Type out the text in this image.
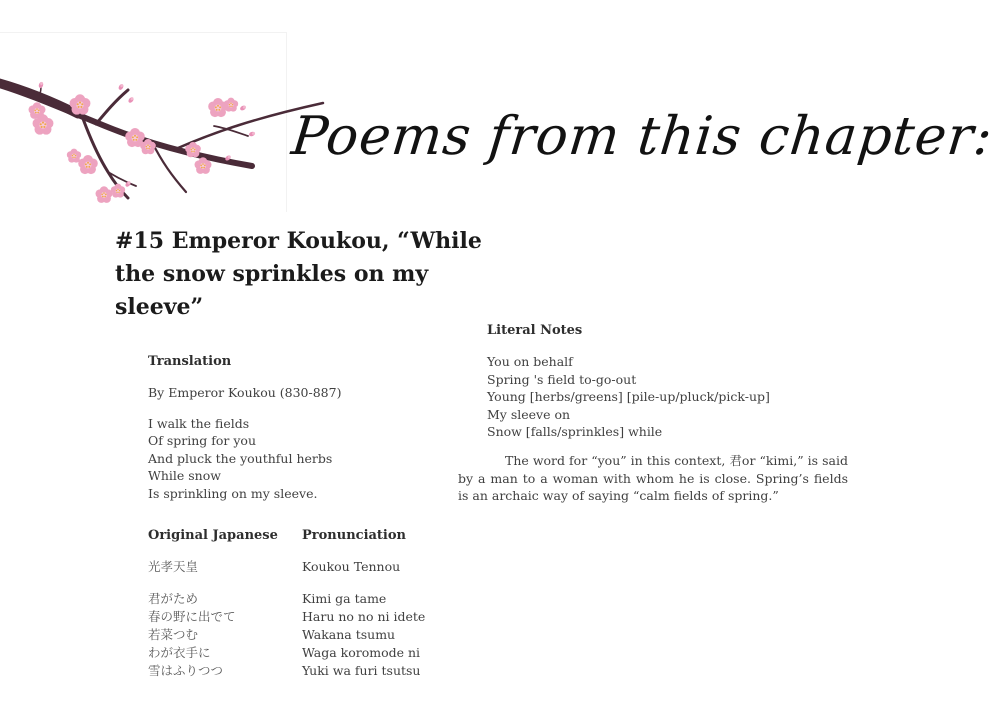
Poems from this chapter:
#15 Emperor Koukou, “While the snow sprinkles on my sleeve”
Translation
By Emperor Koukou (830-887)
I walk the fields
Of spring for you
And pluck the youthful herbs
While snow
Is sprinkling on my sleeve.
Literal Notes
You on behalf
Spring 's field to-go-out
Young [herbs/greens] [pile-up/pluck/pick-up]
My sleeve on
Snow [falls/sprinkles] while

The word for “you” in this context, 君or “kimi,” is said by a man to a woman with whom he is close. Spring’s fields is an archaic way of saying “calm fields of spring.”

Original Japanese
光孝天皇
君がため
春の野に出でて
若菜つむ
わが衣手に
雪はふりつつ
Pronunciation
Koukou Tennou
Kimi ga tame
Haru no no ni idete
Wakana tsumu
Waga koromode ni
Yuki wa furi tsutsu
